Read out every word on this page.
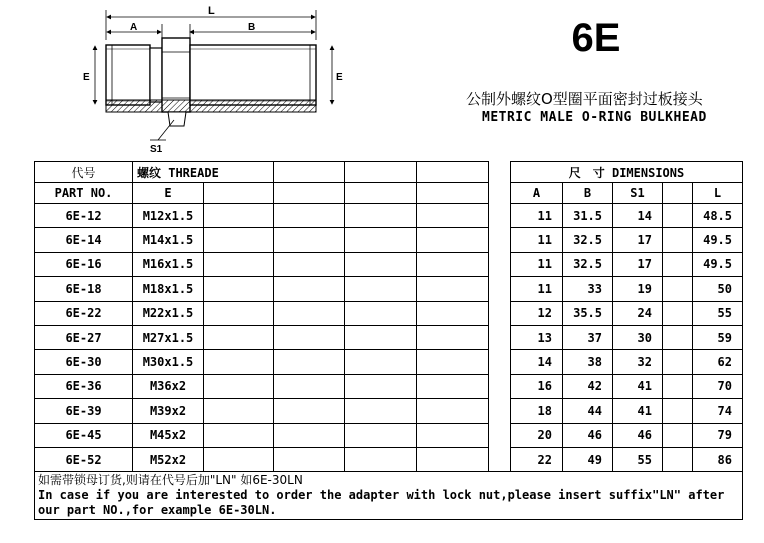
L
A	B
E	E
S1
6E
公制外螺纹O型圈平面密封过板接头
METRIC MALE O-RING BULKHEAD
代号	螺纹 THREADE						尺　寸 DIMENSIONS				
PART NO.	E						A	B	S1		L
6E-12	M12x1.5						11	31.5	14		48.5
6E-14	M14x1.5						11	32.5	17		49.5
6E-16	M16x1.5						11	32.5	17		49.5
6E-18	M18x1.5						11	33	19		50
6E-22	M22x1.5						12	35.5	24		55
6E-27	M27x1.5						13	37	30		59
6E-30	M30x1.5						14	38	32		62
6E-36	M36x2						16	42	41		70
6E-39	M39x2						18	44	41		74
6E-45	M45x2						20	46	46		79
6E-52	M52x2						22	49	55		86

如需带锁母订货,则请在代号后加"LN" 如6E-30LN
In case if you are interested to order the adapter with lock nut,please insert suffix"LN" after our part NO.,for example 6E-30LN.											
